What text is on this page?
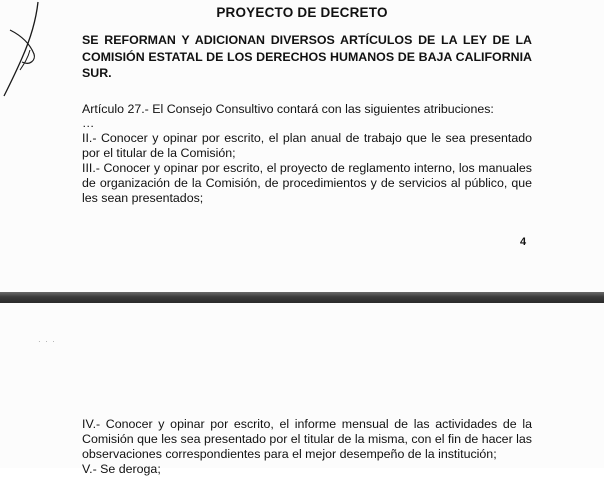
PROYECTO DE DECRETO
SE REFORMAN Y ADICIONAN DIVERSOS ARTÍCULOS DE LA LEY DE LA COMISIÓN ESTATAL DE LOS DERECHOS HUMANOS DE BAJA CALIFORNIA SUR.
Artículo 27.- El Consejo Consultivo contará con las siguientes atribuciones:
…
II.- Conocer y opinar por escrito, el plan anual de trabajo que le sea presentado
por el titular de la Comisión;
III.- Conocer y opinar por escrito, el proyecto de reglamento interno, los manuales
de organización de la Comisión, de procedimientos y de servicios al público, que
les sean presentados;
4
·  ·  ·
IV.- Conocer y opinar por escrito, el informe mensual de las actividades de la
Comisión que les sea presentado por el titular de la misma, con el fin de hacer las
observaciones correspondientes para el mejor desempeño de la institución;
V.- Se deroga;
